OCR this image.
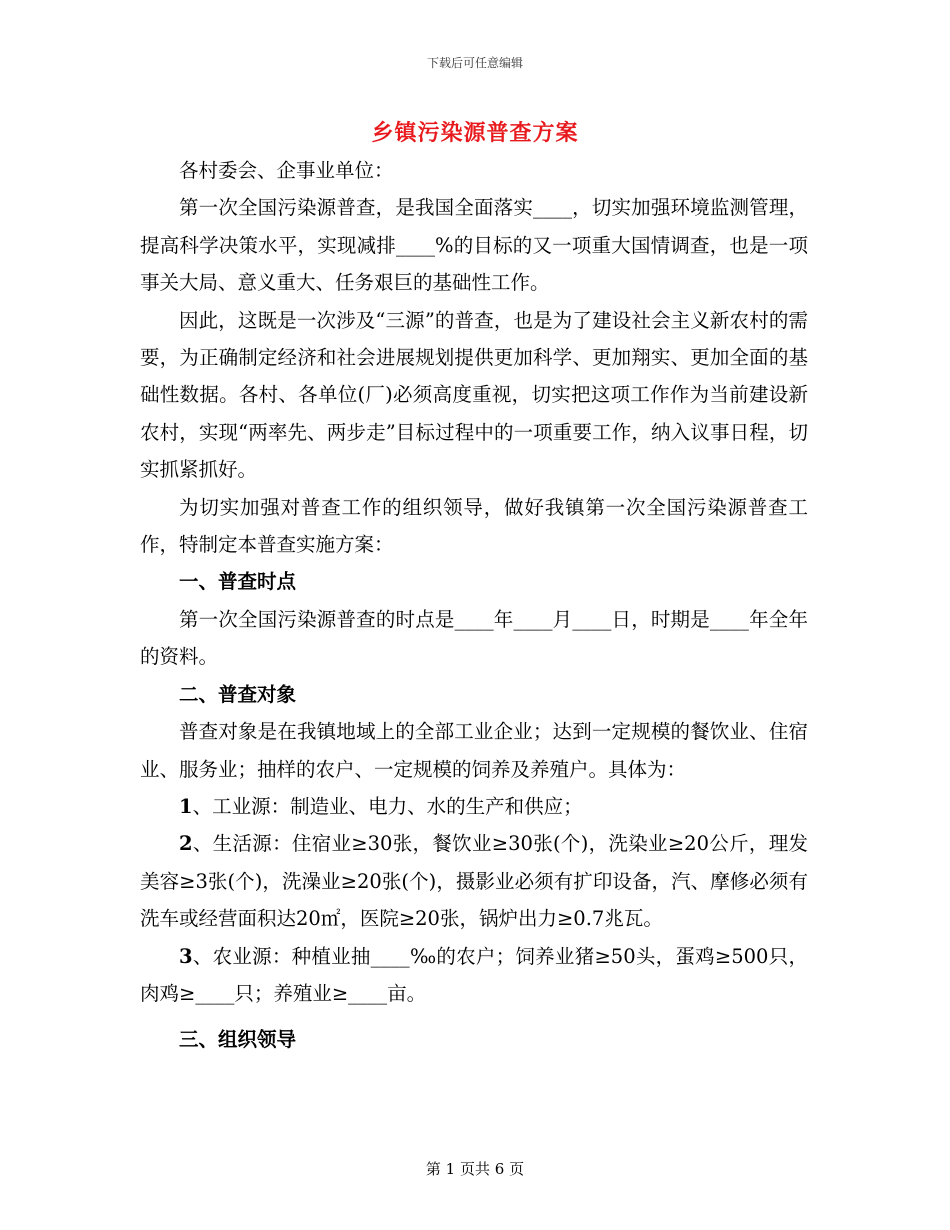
下载后可任意编辑
乡镇污染源普查方案

各村委会、企事业单位：

第一次全国污染源普查，是我国全面落实____，切实加强环境监测管理，提高科学决策水平，实现减排____%的目标的又一项重大国情调查，也是一项事关大局、意义重大、任务艰巨的基础性工作。

因此，这既是一次涉及“三源”的普查，也是为了建设社会主义新农村的需要，为正确制定经济和社会进展规划提供更加科学、更加翔实、更加全面的基础性数据。各村、各单位(厂)必须高度重视，切实把这项工作作为当前建设新农村，实现“两率先、两步走”目标过程中的一项重要工作，纳入议事日程，切实抓紧抓好。

为切实加强对普查工作的组织领导，做好我镇第一次全国污染源普查工作，特制定本普查实施方案：

一、普查时点

第一次全国污染源普查的时点是____年____月____日，时期是____年全年的资料。

二、普查对象

普查对象是在我镇地域上的全部工业企业；达到一定规模的餐饮业、住宿业、服务业；抽样的农户、一定规模的饲养及养殖户。具体为：

1、工业源：制造业、电力、水的生产和供应；

2、生活源：住宿业≥30张，餐饮业≥30张(个)，洗染业≥20公斤，理发美容≥3张(个)，洗澡业≥20张(个)，摄影业必须有扩印设备，汽、摩修必须有洗车或经营面积达20㎡，医院≥20张，锅炉出力≥0.7兆瓦。

3、农业源：种植业抽____‰的农户；饲养业猪≥50头，蛋鸡≥500只，肉鸡≥____只；养殖业≥____亩。

三、组织领导

第 1 页共 6 页
